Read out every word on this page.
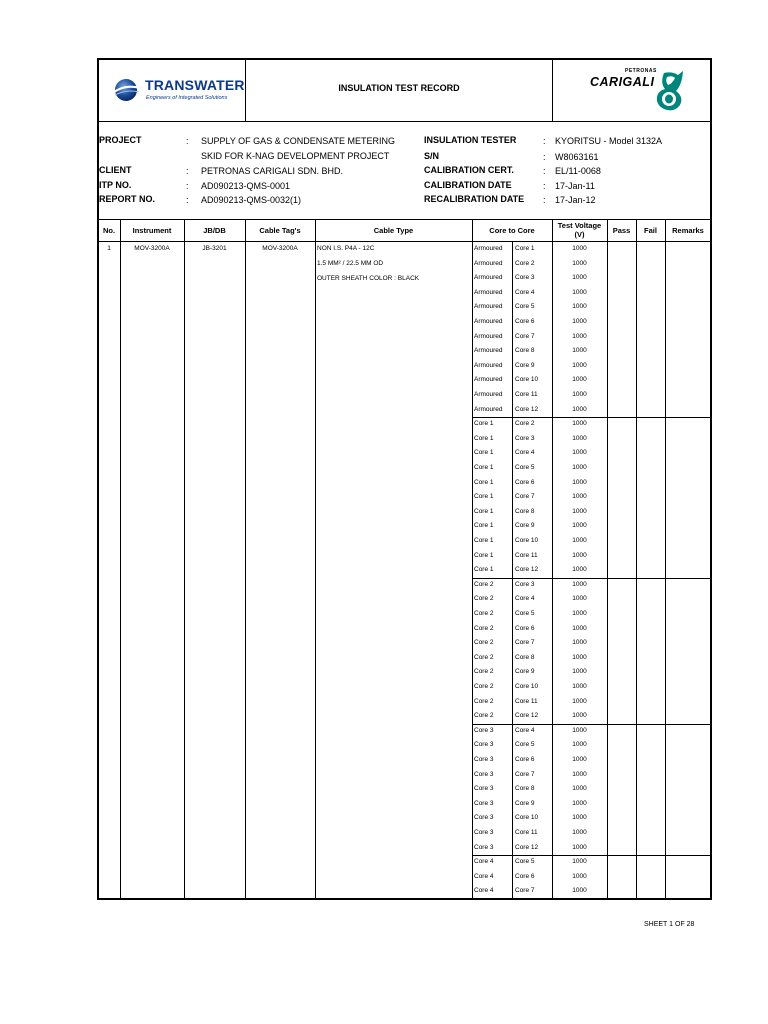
TRANSWATER
Engineers of Integrated Solutions
INSULATION TEST RECORD
PETRONAS
CARIGALI
PROJECT	: SUPPLY OF GAS & CONDENSATE METERING
SKID FOR K-NAG DEVELOPMENT PROJECT
CLIENT	: PETRONAS CARIGALI SDN. BHD.
ITP NO.	: AD090213-QMS-0001
REPORT NO.	: AD090213-QMS-0032(1)
INSULATION TESTER	: KYORITSU - Model 3132A
S/N	: W8063161
CALIBRATION CERT.	: EL/11-0068
CALIBRATION DATE	: 17-Jan-11
RECALIBRATION DATE : 17-Jan-12
No.	Instrument	JB/DB	Cable Tag's	Cable Type	Core to Core
Test Voltage
(V)	Pass	Fail	Remarks
1	MOV-3200A	JB-3201	MOV-3200A	NON I.S. P4A - 12C
1.5 MM² / 22.5 MM OD
OUTER SHEATH COLOR : BLACK
Armoured Core 1	1000
Armoured Core 2	1000
Armoured Core 3	1000
Armoured Core 4	1000
Armoured Core 5	1000
Armoured Core 6	1000
Armoured Core 7	1000
Armoured Core 8	1000
Armoured Core 9	1000
Armoured Core 10	1000
Armoured Core 11	1000
Armoured Core 12	1000
Core 1	Core 2	1000
Core 1	Core 3	1000
Core 1	Core 4	1000
Core 1	Core 5	1000
Core 1	Core 6	1000
Core 1	Core 7	1000
Core 1	Core 8	1000
Core 1	Core 9	1000
Core 1	Core 10	1000
Core 1	Core 11	1000
Core 1	Core 12	1000
Core 2	Core 3	1000
Core 2	Core 4	1000
Core 2	Core 5	1000
Core 2	Core 6	1000
Core 2	Core 7	1000
Core 2	Core 8	1000
Core 2	Core 9	1000
Core 2	Core 10	1000
Core 2	Core 11	1000
Core 2	Core 12	1000
Core 3	Core 4	1000
Core 3	Core 5	1000
Core 3	Core 6	1000
Core 3	Core 7	1000
Core 3	Core 8	1000
Core 3	Core 9	1000
Core 3	Core 10	1000
Core 3	Core 11	1000
Core 3	Core 12	1000
Core 4	Core 5	1000
Core 4	Core 6	1000
Core 4	Core 7	1000
SHEET 1 OF 28
